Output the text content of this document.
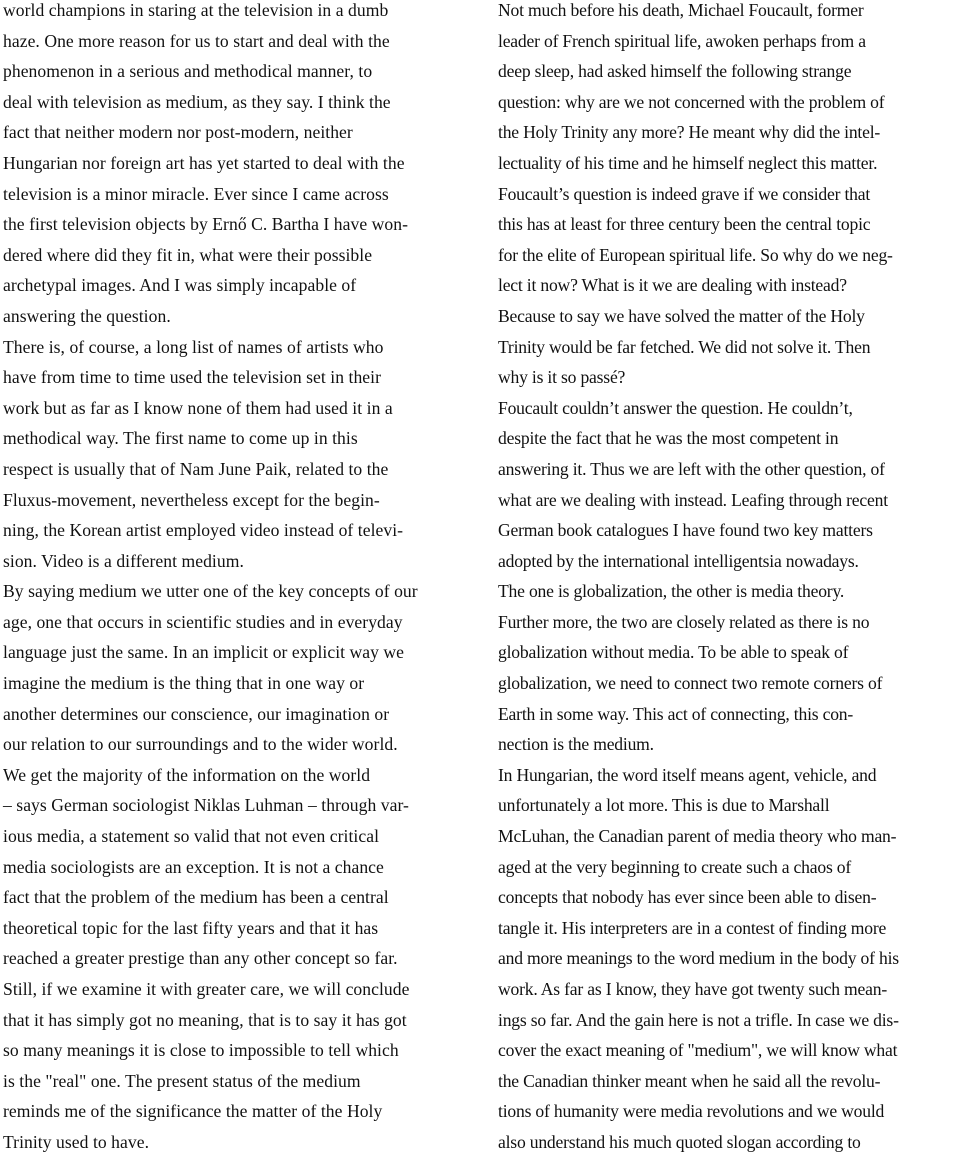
world champions in staring at the television in a dumb
haze. One more reason for us to start and deal with the
phenomenon in a serious and methodical manner, to
deal with television as medium, as they say. I think the
fact that neither modern nor post-modern, neither
Hungarian nor foreign art has yet started to deal with the
television is a minor miracle. Ever since I came across
the first television objects by Ernő C. Bartha I have won-
dered where did they fit in, what were their possible
archetypal images. And I was simply incapable of
answering the question.
There is, of course, a long list of names of artists who
have from time to time used the television set in their
work but as far as I know none of them had used it in a
methodical way. The first name to come up in this
respect is usually that of Nam June Paik, related to the
Fluxus-movement, nevertheless except for the begin-
ning, the Korean artist employed video instead of televi-
sion. Video is a different medium.
By saying medium we utter one of the key concepts of our
age, one that occurs in scientific studies and in everyday
language just the same. In an implicit or explicit way we
imagine the medium is the thing that in one way or
another determines our conscience, our imagination or
our relation to our surroundings and to the wider world.
We get the majority of the information on the world
– says German sociologist Niklas Luhman – through var-
ious media, a statement so valid that not even critical
media sociologists are an exception. It is not a chance
fact that the problem of the medium has been a central
theoretical topic for the last fifty years and that it has
reached a greater prestige than any other concept so far.
Still, if we examine it with greater care, we will conclude
that it has simply got no meaning, that is to say it has got
so many meanings it is close to impossible to tell which
is the "real" one. The present status of the medium
reminds me of the significance the matter of the Holy
Trinity used to have.
Not much before his death, Michael Foucault, former
leader of French spiritual life, awoken perhaps from a
deep sleep, had asked himself the following strange
question: why are we not concerned with the problem of
the Holy Trinity any more? He meant why did the intel-
lectuality of his time and he himself neglect this matter.
Foucault’s question is indeed grave if we consider that
this has at least for three century been the central topic
for the elite of European spiritual life. So why do we neg-
lect it now? What is it we are dealing with instead?
Because to say we have solved the matter of the Holy
Trinity would be far fetched. We did not solve it. Then
why is it so passé?
Foucault couldn’t answer the question. He couldn’t,
despite the fact that he was the most competent in
answering it. Thus we are left with the other question, of
what are we dealing with instead. Leafing through recent
German book catalogues I have found two key matters
adopted by the international intelligentsia nowadays.
The one is globalization, the other is media theory.
Further more, the two are closely related as there is no
globalization without media. To be able to speak of
globalization, we need to connect two remote corners of
Earth in some way. This act of connecting, this con-
nection is the medium.
In Hungarian, the word itself means agent, vehicle, and
unfortunately a lot more. This is due to Marshall
McLuhan, the Canadian parent of media theory who man-
aged at the very beginning to create such a chaos of
concepts that nobody has ever since been able to disen-
tangle it. His interpreters are in a contest of finding more
and more meanings to the word medium in the body of his
work. As far as I know, they have got twenty such mean-
ings so far. And the gain here is not a trifle. In case we dis-
cover the exact meaning of "medium", we will know what
the Canadian thinker meant when he said all the revolu-
tions of humanity were media revolutions and we would
also understand his much quoted slogan according to
